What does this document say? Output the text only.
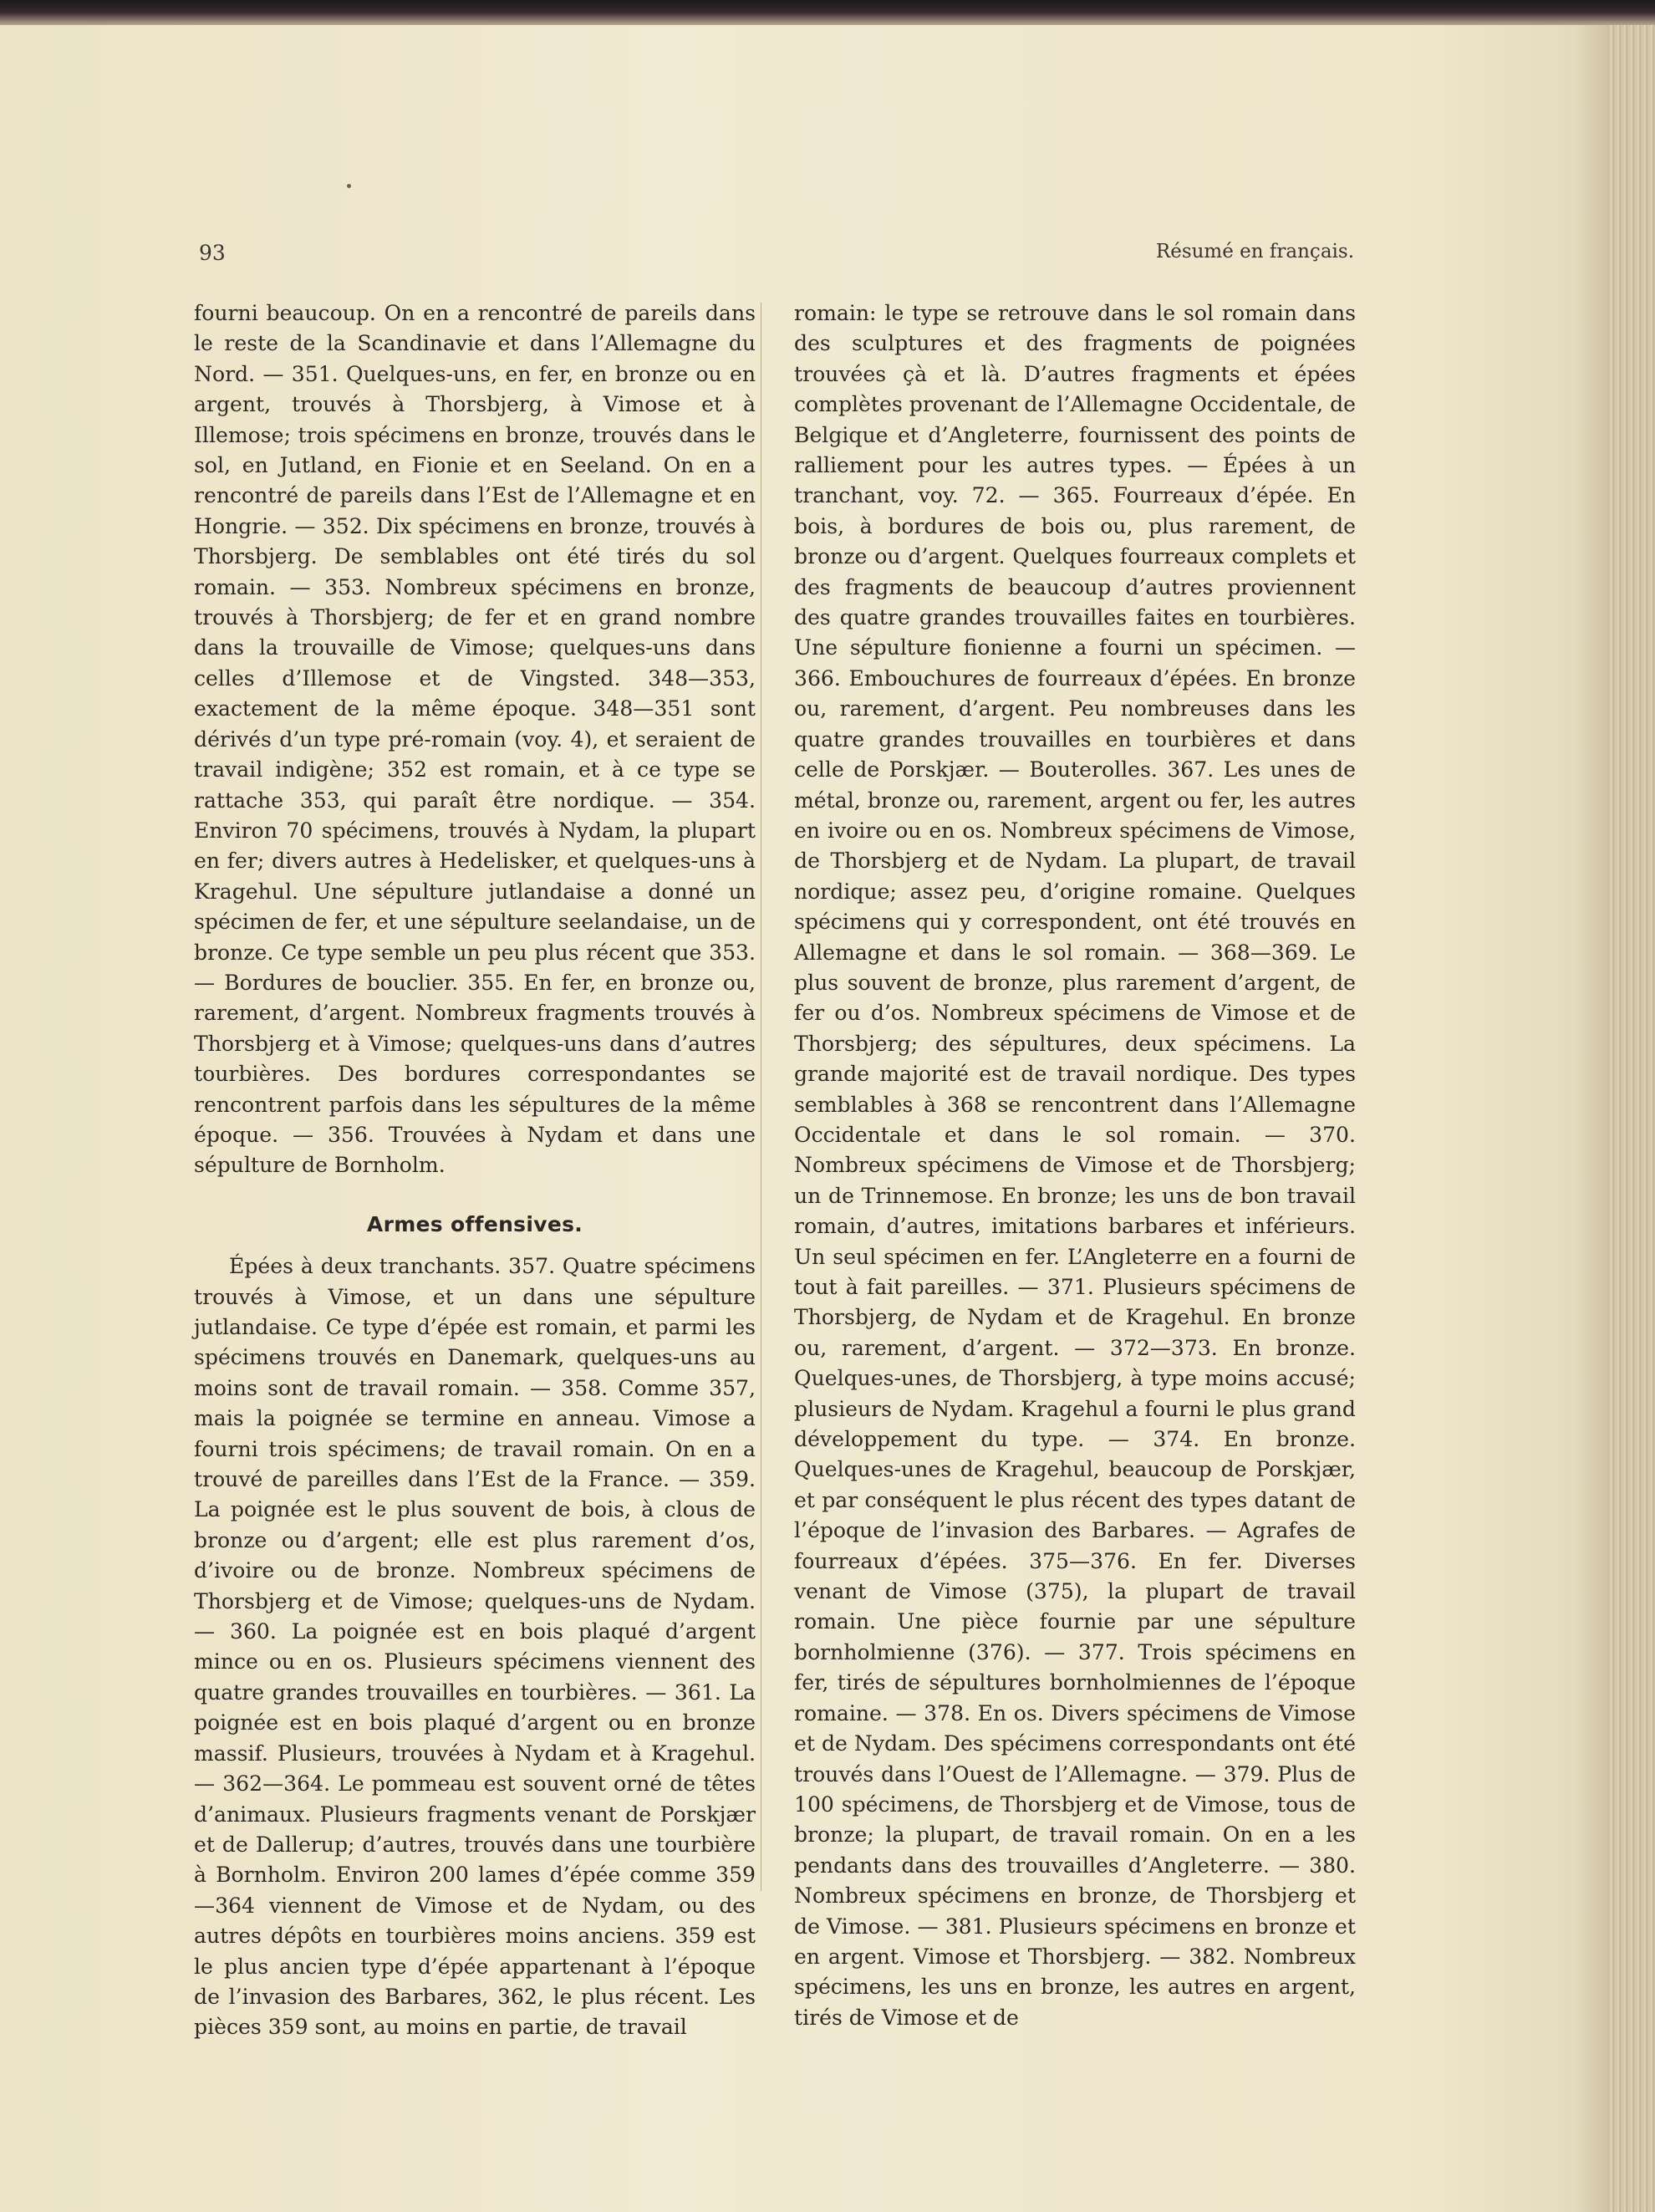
93	Résumé en français.

fourni beaucoup. On en a rencontré de pareils dans le reste de la Scandinavie et dans l’Allemagne du Nord. — 351. Quelques-uns, en fer, en bronze ou en argent, trouvés à Thorsbjerg, à Vimose et à Illemose; trois spécimens en bronze, trouvés dans le sol, en Jutland, en Fionie et en Seeland. On en a rencontré de pareils dans l’Est de l’Allemagne et en Hongrie. — 352. Dix spécimens en bronze, trouvés à Thorsbjerg. De semblables ont été tirés du sol romain. — 353. Nombreux spécimens en bronze, trouvés à Thorsbjerg; de fer et en grand nombre dans la trouvaille de Vimose; quelques-uns dans celles d’Illemose et de Vingsted. 348—353, exactement de la même époque. 348—351 sont dérivés d’un type pré-romain (voy. 4), et seraient de travail indigène; 352 est romain, et à ce type se rattache 353, qui paraît être nordique. — 354. Environ 70 spécimens, trouvés à Nydam, la plupart en fer; divers autres à Hedelisker, et quelques-uns à Kragehul. Une sépulture jutlandaise a donné un spécimen de fer, et une sépulture seelandaise, un de bronze. Ce type semble un peu plus récent que 353. — Bordures de bouclier. 355. En fer, en bronze ou, rarement, d’argent. Nombreux fragments trouvés à Thorsbjerg et à Vimose; quelques-uns dans d’autres tourbières. Des bordures correspondantes se rencontrent parfois dans les sépultures de la même époque. — 356. Trouvées à Nydam et dans une sépulture de Bornholm.

Armes offensives.

Épées à deux tranchants. 357. Quatre spécimens trouvés à Vimose, et un dans une sépulture jutlandaise. Ce type d’épée est romain, et parmi les spécimens trouvés en Danemark, quelques-uns au moins sont de travail romain. — 358. Comme 357, mais la poignée se termine en anneau. Vimose a fourni trois spécimens; de travail romain. On en a trouvé de pareilles dans l’Est de la France. — 359. La poignée est le plus souvent de bois, à clous de bronze ou d’argent; elle est plus rarement d’os, d’ivoire ou de bronze. Nombreux spécimens de Thorsbjerg et de Vimose; quelques-uns de Nydam. — 360. La poignée est en bois plaqué d’argent mince ou en os. Plusieurs spécimens viennent des quatre grandes trouvailles en tourbières. — 361. La poignée est en bois plaqué d’argent ou en bronze massif. Plusieurs, trouvées à Nydam et à Kragehul. — 362—364. Le pommeau est souvent orné de têtes d’animaux. Plusieurs fragments venant de Porskjær et de Dallerup; d’autres, trouvés dans une tourbière à Bornholm. Environ 200 lames d’épée comme 359—364 viennent de Vimose et de Nydam, ou des autres dépôts en tourbières moins anciens. 359 est le plus ancien type d’épée appartenant à l’époque de l’invasion des Barbares, 362, le plus récent. Les pièces 359 sont, au moins en partie, de travail

romain: le type se retrouve dans le sol romain dans des sculptures et des fragments de poignées trouvées çà et là. D’autres fragments et épées complètes provenant de l’Allemagne Occidentale, de Belgique et d’Angleterre, fournissent des points de ralliement pour les autres types. — Épées à un tranchant, voy. 72. — 365. Fourreaux d’épée. En bois, à bordures de bois ou, plus rarement, de bronze ou d’argent. Quelques fourreaux complets et des fragments de beaucoup d’autres proviennent des quatre grandes trouvailles faites en tourbières. Une sépulture fionienne a fourni un spécimen. — 366. Embouchures de fourreaux d’épées. En bronze ou, rarement, d’argent. Peu nombreuses dans les quatre grandes trouvailles en tourbières et dans celle de Porskjær. — Bouterolles. 367. Les unes de métal, bronze ou, rarement, argent ou fer, les autres en ivoire ou en os. Nombreux spécimens de Vimose, de Thorsbjerg et de Nydam. La plupart, de travail nordique; assez peu, d’origine romaine. Quelques spécimens qui y correspondent, ont été trouvés en Allemagne et dans le sol romain. — 368—369. Le plus souvent de bronze, plus rarement d’argent, de fer ou d’os. Nombreux spécimens de Vimose et de Thorsbjerg; des sépultures, deux spécimens. La grande majorité est de travail nordique. Des types semblables à 368 se rencontrent dans l’Allemagne Occidentale et dans le sol romain. — 370. Nombreux spécimens de Vimose et de Thorsbjerg; un de Trinnemose. En bronze; les uns de bon travail romain, d’autres, imitations barbares et inférieurs. Un seul spécimen en fer. L’Angleterre en a fourni de tout à fait pareilles. — 371. Plusieurs spécimens de Thorsbjerg, de Nydam et de Kragehul. En bronze ou, rarement, d’argent. — 372—373. En bronze. Quelques-unes, de Thorsbjerg, à type moins accusé; plusieurs de Nydam. Kragehul a fourni le plus grand développement du type. — 374. En bronze. Quelques-unes de Kragehul, beaucoup de Porskjær, et par conséquent le plus récent des types datant de l’époque de l’invasion des Barbares. — Agrafes de fourreaux d’épées. 375—376. En fer. Diverses venant de Vimose (375), la plupart de travail romain. Une pièce fournie par une sépulture bornholmienne (376). — 377. Trois spécimens en fer, tirés de sépultures bornholmiennes de l’époque romaine. — 378. En os. Divers spécimens de Vimose et de Nydam. Des spécimens correspondants ont été trouvés dans l’Ouest de l’Allemagne. — 379. Plus de 100 spécimens, de Thorsbjerg et de Vimose, tous de bronze; la plupart, de travail romain. On en a les pendants dans des trouvailles d’Angleterre. — 380. Nombreux spécimens en bronze, de Thorsbjerg et de Vimose. — 381. Plusieurs spécimens en bronze et en argent. Vimose et Thorsbjerg. — 382. Nombreux spécimens, les uns en bronze, les autres en argent, tirés de Vimose et de
